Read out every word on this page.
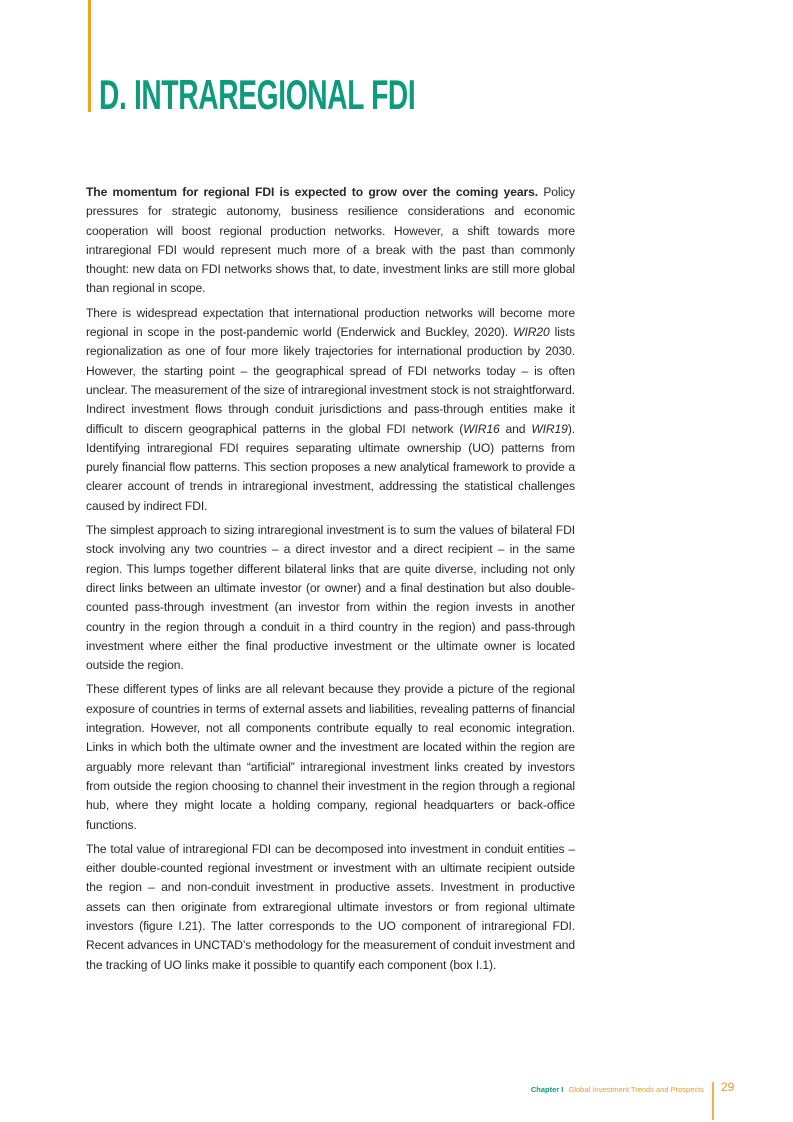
D. INTRAREGIONAL FDI

The momentum for regional FDI is expected to grow over the coming years. Policy pressures for strategic autonomy, business resilience considerations and economic cooperation will boost regional production networks. However, a shift towards more intraregional FDI would represent much more of a break with the past than commonly thought: new data on FDI networks shows that, to date, investment links are still more global than regional in scope.

There is widespread expectation that international production networks will become more regional in scope in the post-pandemic world (Enderwick and Buckley, 2020). WIR20 lists regionalization as one of four more likely trajectories for international production by 2030. However, the starting point – the geographical spread of FDI networks today – is often unclear. The measurement of the size of intraregional investment stock is not straightforward. Indirect investment flows through conduit jurisdictions and pass-through entities make it difficult to discern geographical patterns in the global FDI network (WIR16 and WIR19). Identifying intraregional FDI requires separating ultimate ownership (UO) patterns from purely financial flow patterns. This section proposes a new analytical framework to provide a clearer account of trends in intraregional investment, addressing the statistical challenges caused by indirect FDI.

The simplest approach to sizing intraregional investment is to sum the values of bilateral FDI stock involving any two countries – a direct investor and a direct recipient – in the same region. This lumps together different bilateral links that are quite diverse, including not only direct links between an ultimate investor (or owner) and a final destination but also double-counted pass-through investment (an investor from within the region invests in another country in the region through a conduit in a third country in the region) and pass-through investment where either the final productive investment or the ultimate owner is located outside the region.

These different types of links are all relevant because they provide a picture of the regional exposure of countries in terms of external assets and liabilities, revealing patterns of financial integration. However, not all components contribute equally to real economic integration. Links in which both the ultimate owner and the investment are located within the region are arguably more relevant than “artificial” intraregional investment links created by investors from outside the region choosing to channel their investment in the region through a regional hub, where they might locate a holding company, regional headquarters or back-office functions.

The total value of intraregional FDI can be decomposed into investment in conduit entities – either double-counted regional investment or investment with an ultimate recipient outside the region – and non-conduit investment in productive assets. Investment in productive assets can then originate from extraregional ultimate investors or from regional ultimate investors (figure I.21). The latter corresponds to the UO component of intraregional FDI. Recent advances in UNCTAD’s methodology for the measurement of conduit investment and the tracking of UO links make it possible to quantify each component (box I.1).

Chapter I Global Investment Trends and Prospects 29
